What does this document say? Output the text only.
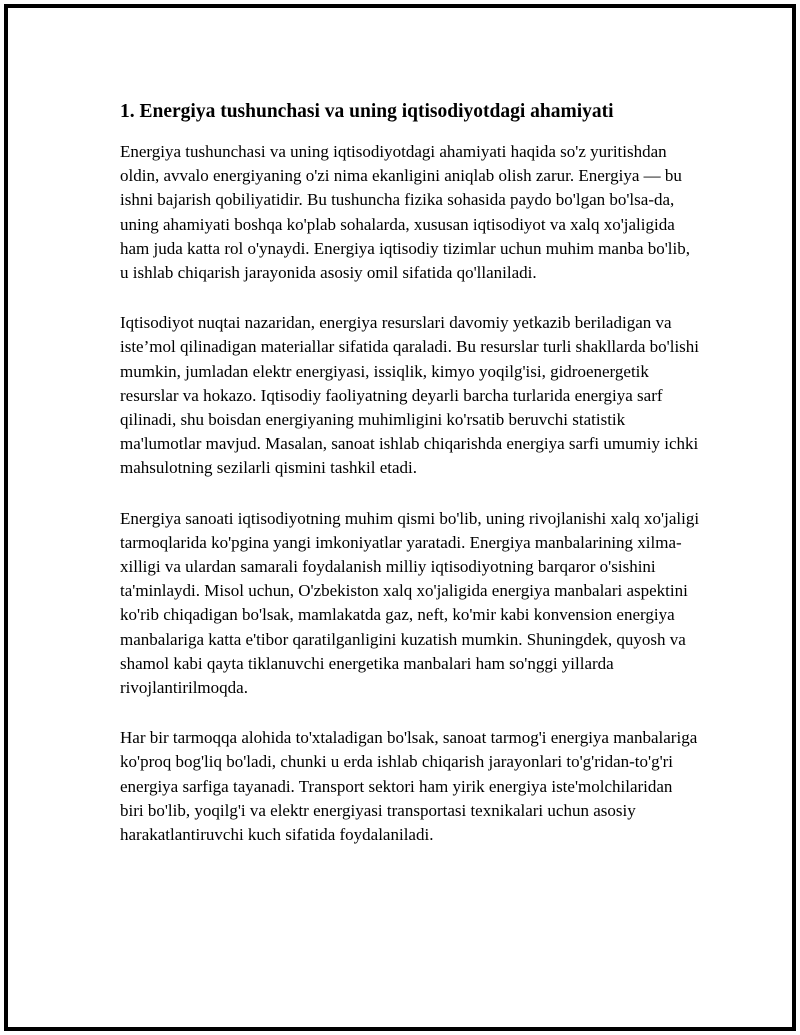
1. Energiya tushunchasi va uning iqtisodiyotdagi ahamiyati

Energiya tushunchasi va uning iqtisodiyotdagi ahamiyati haqida so'z yuritishdan oldin, avvalo energiyaning o'zi nima ekanligini aniqlab olish zarur. Energiya — bu ishni bajarish qobiliyatidir. Bu tushuncha fizika sohasida paydo bo'lgan bo'lsa-da, uning ahamiyati boshqa ko'plab sohalarda, xususan iqtisodiyot va xalq xo'jaligida ham juda katta rol o'ynaydi. Energiya iqtisodiy tizimlar uchun muhim manba bo'lib, u ishlab chiqarish jarayonida asosiy omil sifatida qo'llaniladi.

Iqtisodiyot nuqtai nazaridan, energiya resurslari davomiy yetkazib beriladigan va iste’mol qilinadigan materiallar sifatida qaraladi. Bu resurslar turli shakllarda bo'lishi mumkin, jumladan elektr energiyasi, issiqlik, kimyo yoqilg'isi, gidroenergetik resurslar va hokazo. Iqtisodiy faoliyatning deyarli barcha turlarida energiya sarf qilinadi, shu boisdan energiyaning muhimligini ko'rsatib beruvchi statistik ma'lumotlar mavjud. Masalan, sanoat ishlab chiqarishda energiya sarfi umumiy ichki mahsulotning sezilarli qismini tashkil etadi.

Energiya sanoati iqtisodiyotning muhim qismi bo'lib, uning rivojlanishi xalq xo'jaligi tarmoqlarida ko'pgina yangi imkoniyatlar yaratadi. Energiya manbalarining xilma-xilligi va ulardan samarali foydalanish milliy iqtisodiyotning barqaror o'sishini ta'minlaydi. Misol uchun, O'zbekiston xalq xo'jaligida energiya manbalari aspektini ko'rib chiqadigan bo'lsak, mamlakatda gaz, neft, ko'mir kabi konvension energiya manbalariga katta e'tibor qaratilganligini kuzatish mumkin. Shuningdek, quyosh va shamol kabi qayta tiklanuvchi energetika manbalari ham so'nggi yillarda rivojlantirilmoqda.

Har bir tarmoqqa alohida to'xtaladigan bo'lsak, sanoat tarmog'i energiya manbalariga ko'proq bog'liq bo'ladi, chunki u erda ishlab chiqarish jarayonlari to'g'ridan-to'g'ri energiya sarfiga tayanadi. Transport sektori ham yirik energiya iste'molchilaridan biri bo'lib, yoqilg'i va elektr energiyasi transportasi texnikalari uchun asosiy harakatlantiruvchi kuch sifatida foydalaniladi.
